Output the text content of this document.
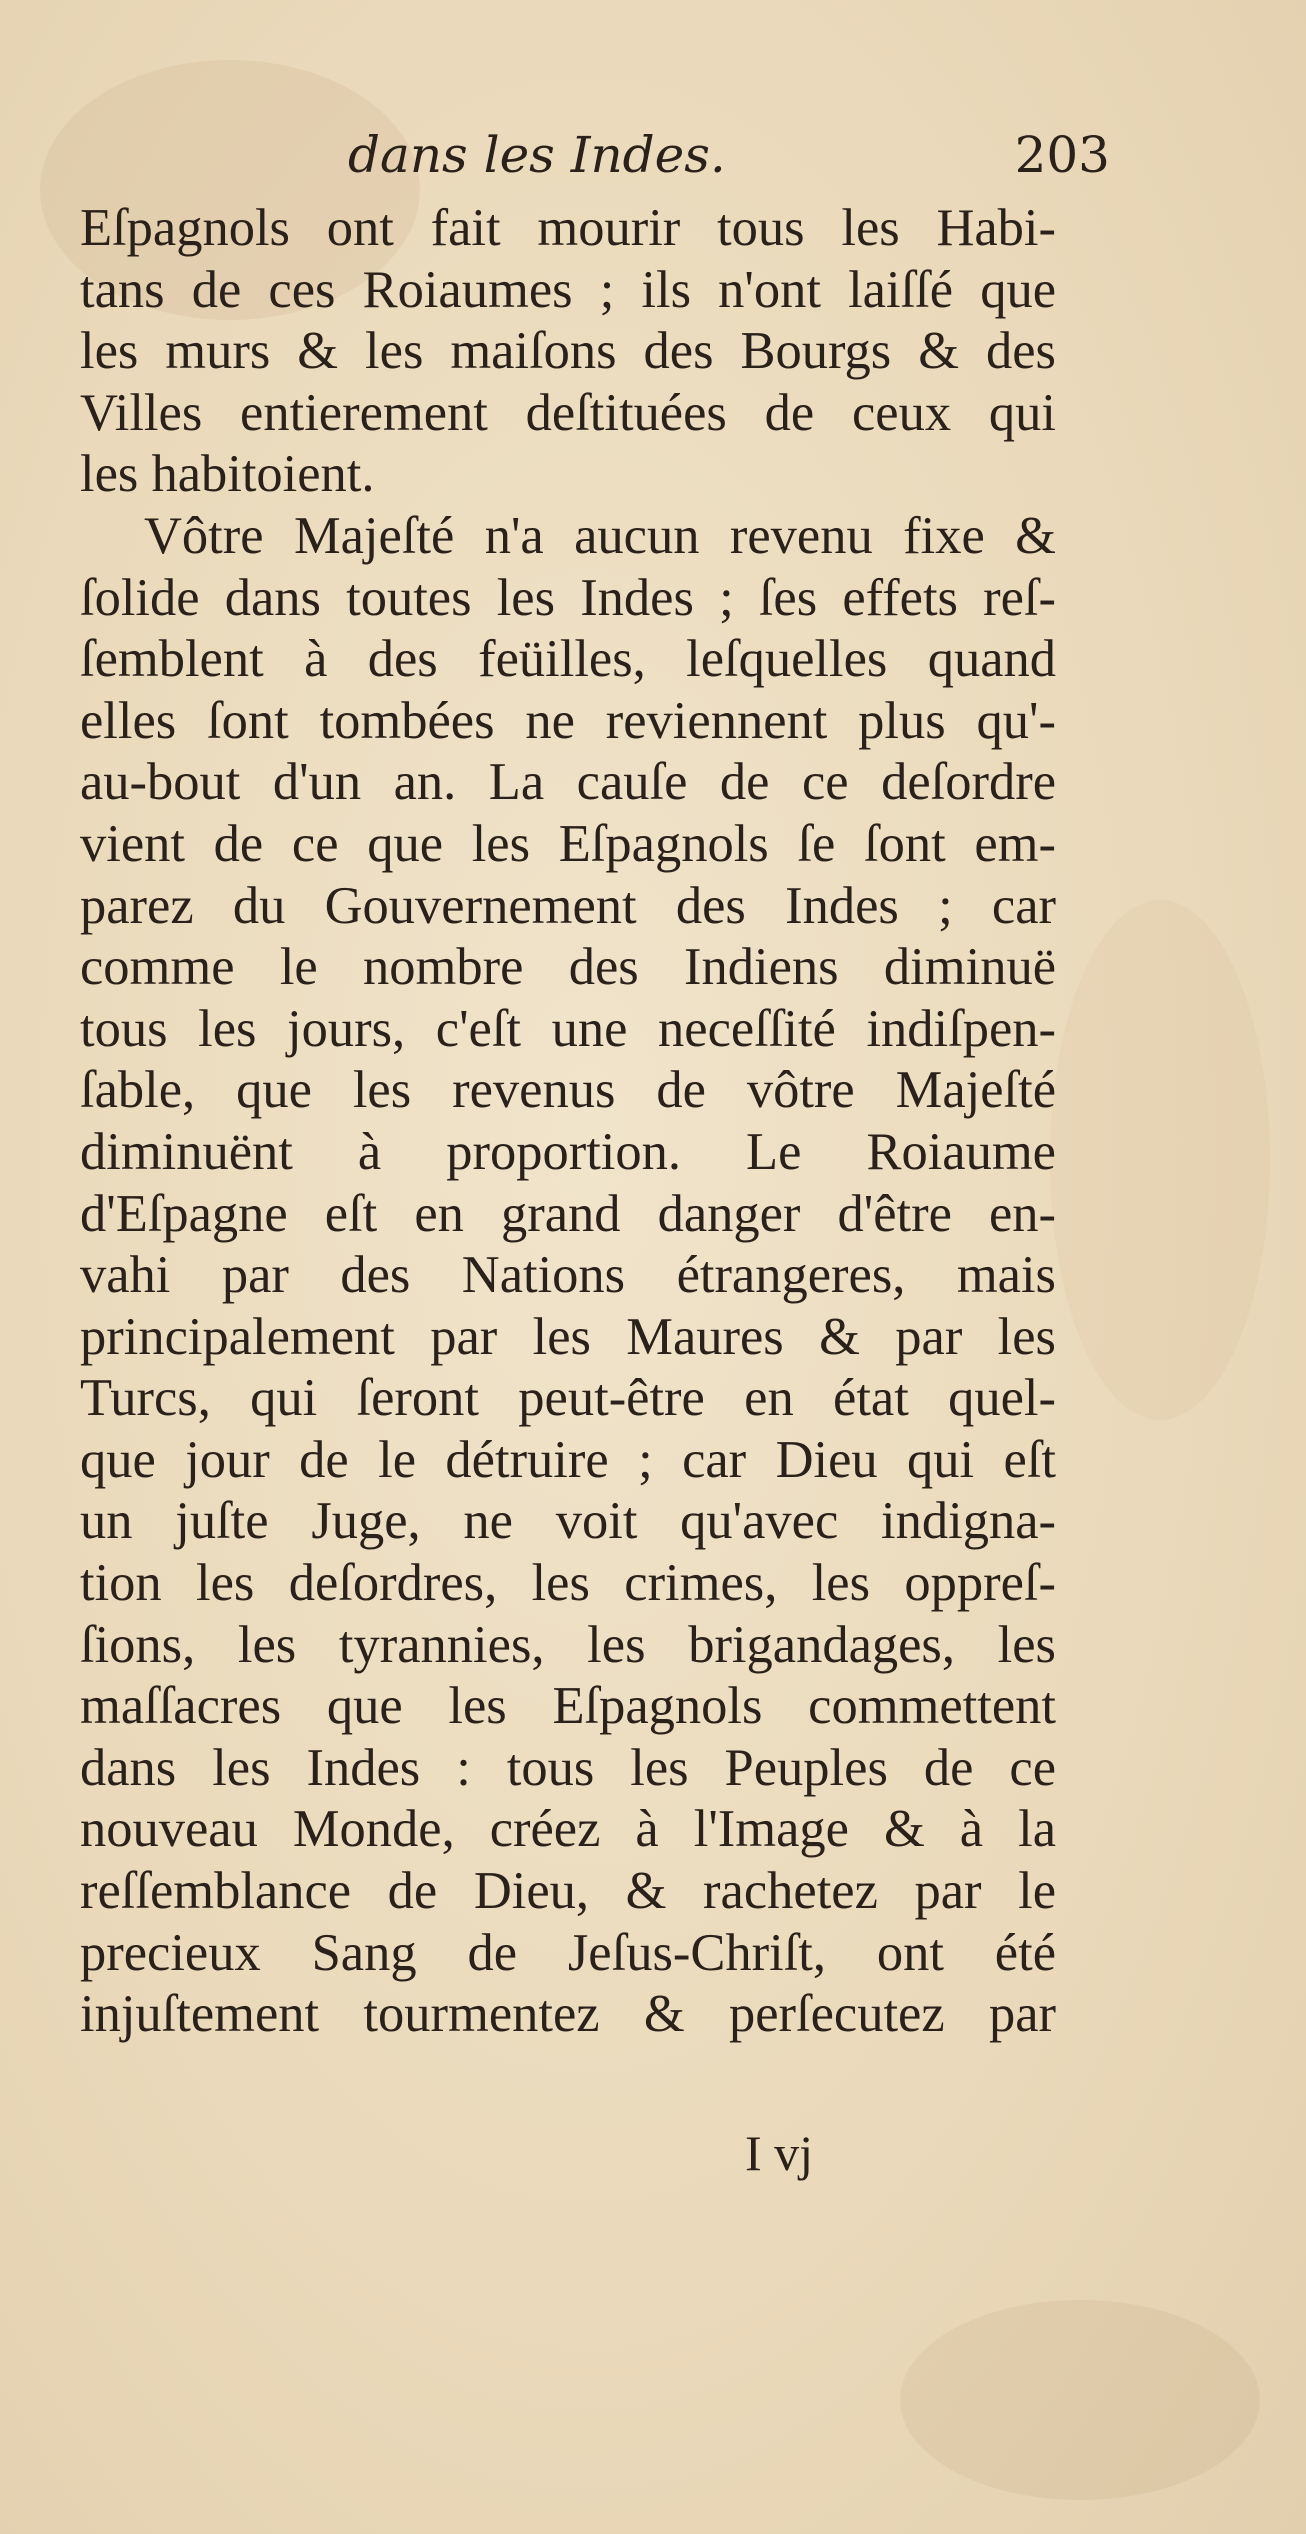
dans les Indes.	203
Eſpagnols ont fait mourir tous les Habi-
tans de ces Roiaumes ; ils n'ont laiſſé que
les murs & les maiſons des Bourgs & des
Villes entierement deſtituées de ceux qui
les habitoient.
Vôtre Majeſté n'a aucun revenu fixe &
ſolide dans toutes les Indes ; ſes effets reſ-
ſemblent à des feüilles, leſquelles quand
elles ſont tombées ne reviennent plus qu'-
au-bout d'un an. La cauſe de ce deſordre
vient de ce que les Eſpagnols ſe ſont em-
parez du Gouvernement des Indes ; car
comme le nombre des Indiens diminuë
tous les jours, c'eſt une neceſſité indiſpen-
ſable, que les revenus de vôtre Majeſté
diminuënt à proportion. Le Roiaume
d'Eſpagne eſt en grand danger d'être en-
vahi par des Nations étrangeres, mais
principalement par les Maures & par les
Turcs, qui ſeront peut-être en état quel-
que jour de le détruire ; car Dieu qui eſt
un juſte Juge, ne voit qu'avec indigna-
tion les deſordres, les crimes, les oppreſ-
ſions, les tyrannies, les brigandages, les
maſſacres que les Eſpagnols commettent
dans les Indes : tous les Peuples de ce
nouveau Monde, créez à l'Image & à la
reſſemblance de Dieu, & rachetez par le
precieux Sang de Jeſus-Chriſt, ont été
injuſtement tourmentez & perſecutez par
I vj
